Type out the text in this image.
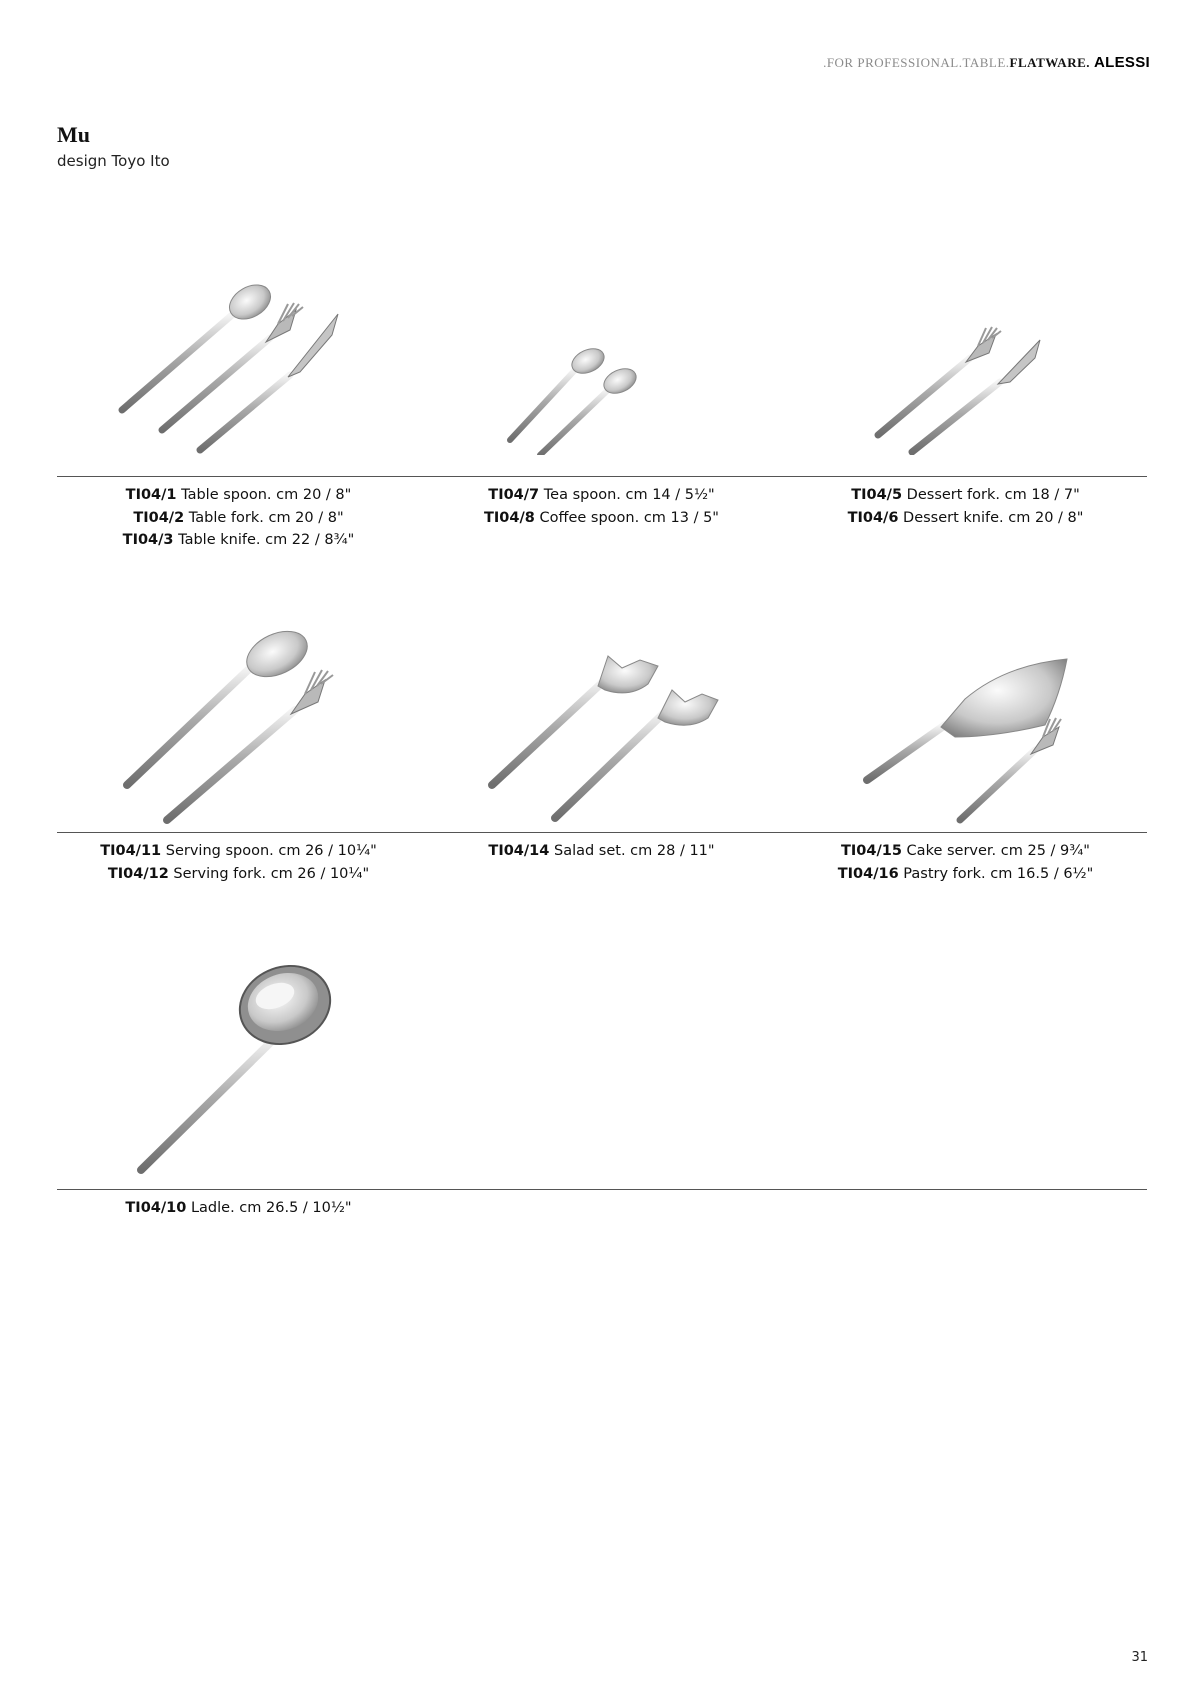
.FOR PROFESSIONAL.TABLE. FLATWARE. ALESSI
Mu
design Toyo Ito
TI04/1 Table spoon. cm 20 / 8"
TI04/2 Table fork. cm 20 / 8"
TI04/3 Table knife. cm 22 / 8¾"
TI04/7 Tea spoon. cm 14 / 5½"
TI04/8 Coffee spoon. cm 13 / 5"
TI04/5 Dessert fork. cm 18 / 7"
TI04/6 Dessert knife. cm 20 / 8"
TI04/11 Serving spoon. cm 26 / 10¼"
TI04/12 Serving fork. cm 26 / 10¼"
TI04/14 Salad set. cm 28 / 11"	TI04/15 Cake server. cm 25 / 9¾"
TI04/16 Pastry fork. cm 16.5 / 6½"
TI04/10 Ladle. cm 26.5 / 10½"
31
